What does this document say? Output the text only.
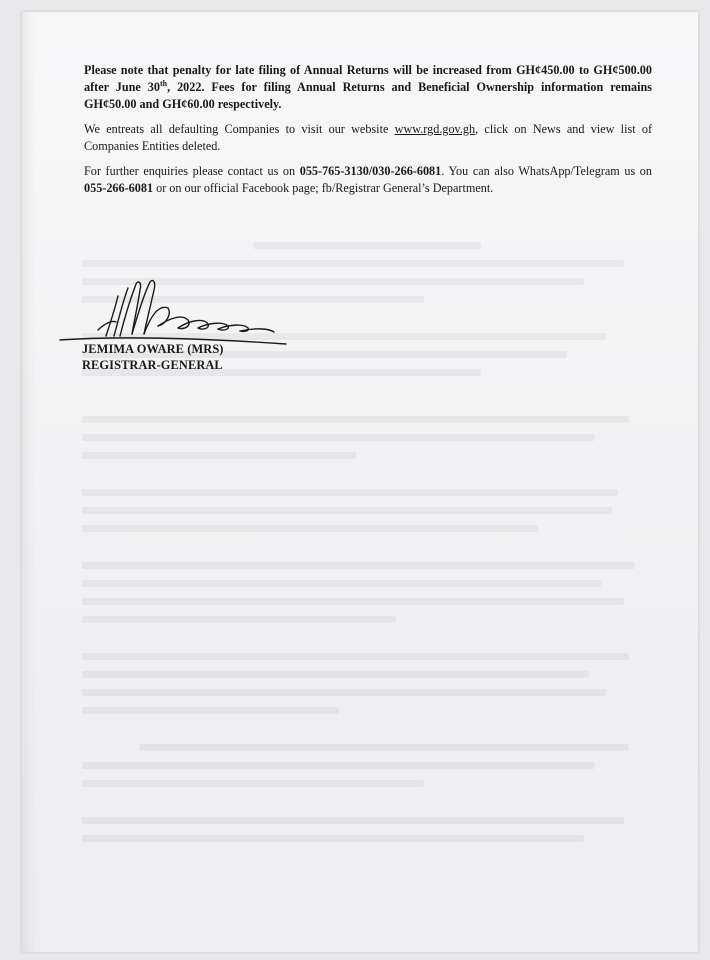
Please note that penalty for late filing of Annual Returns will be increased from GH¢450.00 to GH¢500.00 after June 30th, 2022. Fees for filing Annual Returns and Beneficial Ownership information remains GH¢50.00 and GH¢60.00 respectively.

We entreats all defaulting Companies to visit our website www.rgd.gov.gh, click on News and view list of Companies Entities deleted.

For further enquiries please contact us on 055-765-3130/030-266-6081. You can also WhatsApp/Telegram us on 055-266-6081 or on our official Facebook page; fb/Registrar General’s Department.

JEMIMA OWARE (MRS)
REGISTRAR-GENERAL
